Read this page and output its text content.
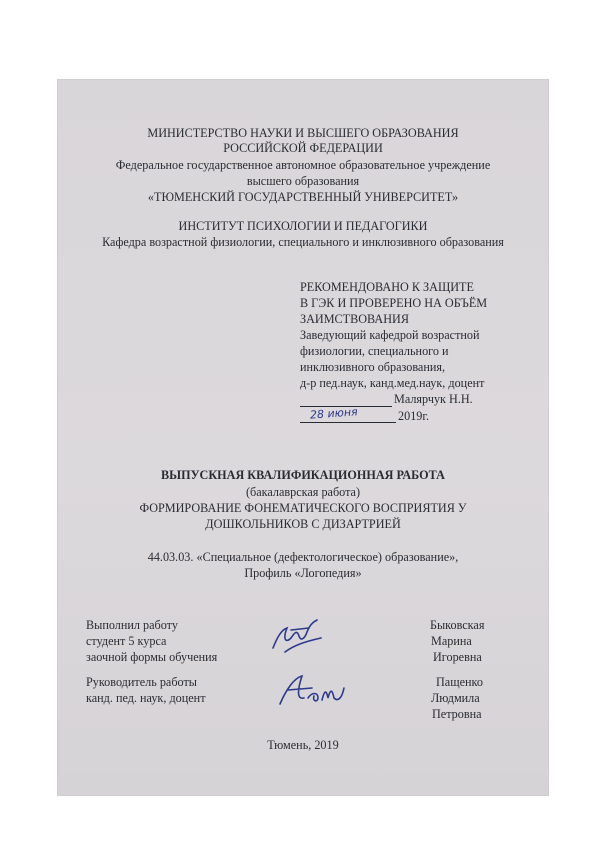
МИНИСТЕРСТВО НАУКИ И ВЫСШЕГО ОБРАЗОВАНИЯ
РОССИЙСКОЙ ФЕДЕРАЦИИ
Федеральное государственное автономное образовательное учреждение
высшего образования
«ТЮМЕНСКИЙ ГОСУДАРСТВЕННЫЙ УНИВЕРСИТЕТ»
ИНСТИТУТ ПСИХОЛОГИИ И ПЕДАГОГИКИ
Кафедра возрастной физиологии, специального и инклюзивного образования
РЕКОМЕНДОВАНО К ЗАЩИТЕ
В ГЭК И ПРОВЕРЕНО НА ОБЪЁМ
ЗАИМСТВОВАНИЯ
Заведующий кафедрой возрастной
физиологии, специального и
инклюзивного образования,
д-р пед.наук, канд.мед.наук, доцент
Малярчук Н.Н.
28 июня	2019г.
ВЫПУСКНАЯ КВАЛИФИКАЦИОННАЯ РАБОТА
(бакалаврская работа)
ФОРМИРОВАНИЕ ФОНЕМАТИЧЕСКОГО ВОСПРИЯТИЯ У
ДОШКОЛЬНИКОВ С ДИЗАРТРИЕЙ
44.03.03. «Специальное (дефектологическое) образование»,
Профиль «Логопедия»
Выполнил работу
студент 5 курса
заочной формы обучения
Быковская
Марина
Игоревна
Руководитель работы
канд. пед. наук, доцент
Пащенко
Людмила
Петровна
Тюмень, 2019
